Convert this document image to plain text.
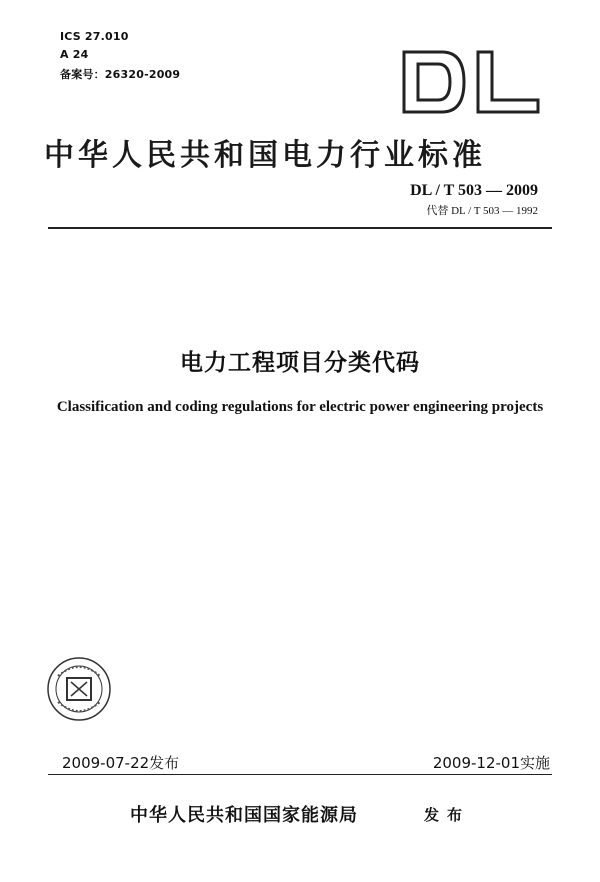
ICS 27.010
A 24
备案号：26320-2009
中华人民共和国电力行业标准
DL / T 503 — 2009
代替 DL / T 503 — 1992
电力工程项目分类代码
Classification and coding regulations for electric power engineering projects
2009-07-22发布	2009-12-01实施
中华人民共和国国家能源局	发布
